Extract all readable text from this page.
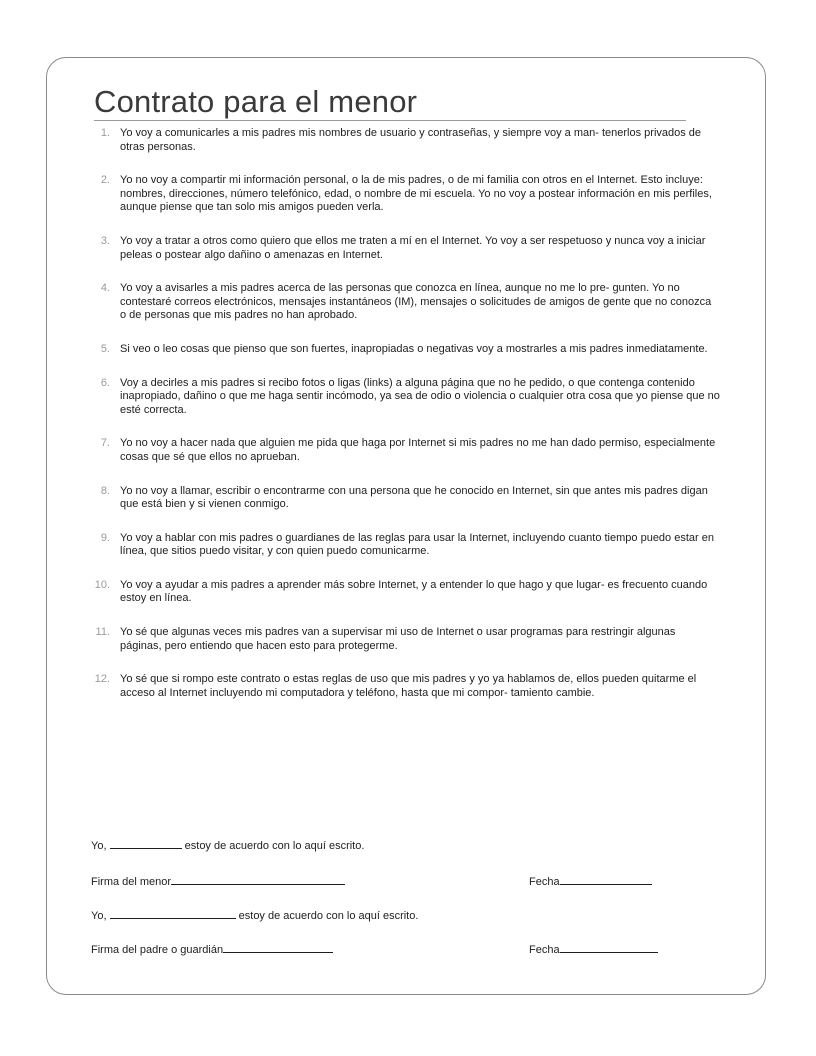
Contrato para el menor
1. Yo voy a comunicarles a mis padres mis nombres de usuario y contraseñas, y siempre voy a man- tenerlos privados de otras personas.
2. Yo no voy a compartir mi información personal, o la de mis padres, o de mi familia con otros en el Internet. Esto incluye: nombres, direcciones, número telefónico, edad, o nombre de mi escuela. Yo no voy a postear información en mis perfiles, aunque piense que tan solo mis amigos pueden verla.
3. Yo voy a tratar a otros como quiero que ellos me traten a mí en el Internet. Yo voy a ser respetuoso y nunca voy a iniciar peleas o postear algo dañino o amenazas en Internet.
4. Yo voy a avisarles a mis padres acerca de las personas que conozca en línea, aunque no me lo pre- gunten. Yo no contestaré correos electrónicos, mensajes instantáneos (IM), mensajes o solicitudes de amigos de gente que no conozca o de personas que mis padres no han aprobado.
5. Si veo o leo cosas que pienso que son fuertes, inapropiadas o negativas voy a mostrarles a mis padres inmediatamente.
6. Voy a decirles a mis padres si recibo fotos o ligas (links) a alguna página que no he pedido, o que contenga contenido inapropiado, dañino o que me haga sentir incómodo, ya sea de odio o violencia o cualquier otra cosa que yo piense que no esté correcta.
7. Yo no voy a hacer nada que alguien me pida que haga por Internet si mis padres no me han dado permiso, especialmente cosas que sé que ellos no aprueban.
8. Yo no voy a llamar, escribir o encontrarme con una persona que he conocido en Internet, sin que antes mis padres digan que está bien y si vienen conmigo.
9. Yo voy a hablar con mis padres o guardianes de las reglas para usar la Internet, incluyendo cuanto tiempo puedo estar en línea, que sitios puedo visitar, y con quien puedo comunicarme.
10. Yo voy a ayudar a mis padres a aprender más sobre Internet, y a entender lo que hago y que lugar- es frecuento cuando estoy en línea.
11. Yo sé que algunas veces mis padres van a supervisar mi uso de Internet o usar programas para restringir algunas páginas, pero entiendo que hacen esto para protegerme.
12. Yo sé que si rompo este contrato o estas reglas de uso que mis padres y yo ya hablamos de, ellos pueden quitarme el acceso al Internet incluyendo mi computadora y teléfono, hasta que mi compor- tamiento cambie.
Yo,	estoy de acuerdo con lo aquí escrito.
Firma del menor	Fecha
Yo,	estoy de acuerdo con lo aquí escrito.
Firma del padre o guardián	Fecha
